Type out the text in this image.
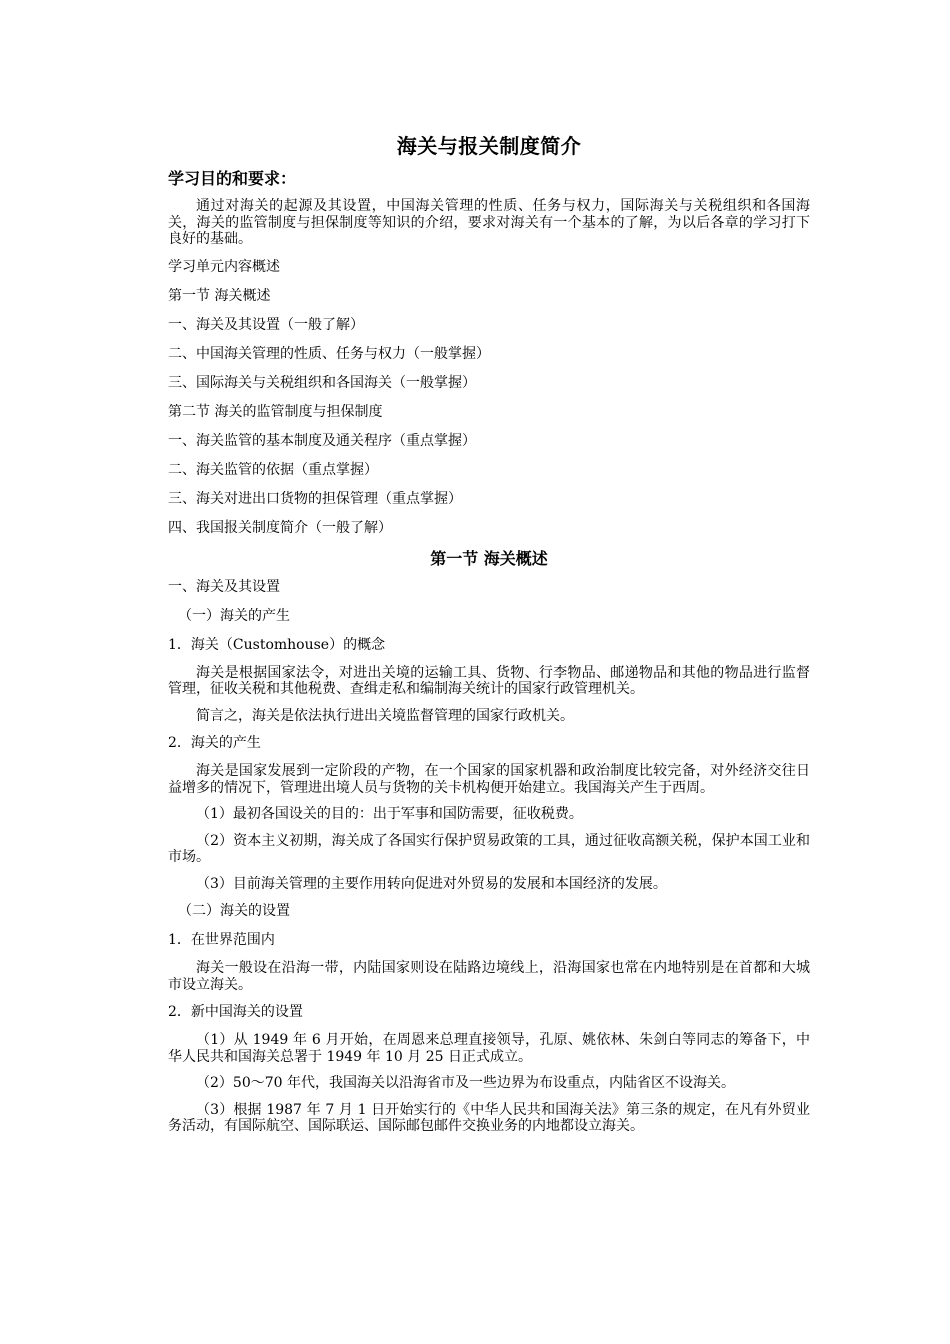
海关与报关制度简介
学习目的和要求：

通过对海关的起源及其设置，中国海关管理的性质、任务与权力，国际海关与关税组织和各国海关，海关的监管制度与担保制度等知识的介绍，要求对海关有一个基本的了解，为以后各章的学习打下良好的基础。

学习单元内容概述
第一节 海关概述
一、海关及其设置（一般了解）
二、中国海关管理的性质、任务与权力（一般掌握）
三、国际海关与关税组织和各国海关（一般掌握）
第二节 海关的监管制度与担保制度
一、海关监管的基本制度及通关程序（重点掌握）
二、海关监管的依据（重点掌握）
三、海关对进出口货物的担保管理（重点掌握）
四、我国报关制度简介（一般了解）
第一节 海关概述
一、海关及其设置
（一）海关的产生
1．海关（Customhouse）的概念

海关是根据国家法令，对进出关境的运输工具、货物、行李物品、邮递物品和其他的物品进行监督管理，征收关税和其他税费、查缉走私和编制海关统计的国家行政管理机关。

简言之，海关是依法执行进出关境监督管理的国家行政机关。

2．海关的产生

海关是国家发展到一定阶段的产物，在一个国家的国家机器和政治制度比较完备，对外经济交往日益增多的情况下，管理进出境人员与货物的关卡机构便开始建立。我国海关产生于西周。

（1）最初各国设关的目的：出于军事和国防需要，征收税费。

（2）资本主义初期，海关成了各国实行保护贸易政策的工具，通过征收高额关税，保护本国工业和市场。

（3）目前海关管理的主要作用转向促进对外贸易的发展和本国经济的发展。

（二）海关的设置
1．在世界范围内

海关一般设在沿海一带，内陆国家则设在陆路边境线上，沿海国家也常在内地特别是在首都和大城市设立海关。

2．新中国海关的设置

（1）从 1949 年 6 月开始，在周恩来总理直接领导，孔原、姚依林、朱剑白等同志的筹备下，中华人民共和国海关总署于 1949 年 10 月 25 日正式成立。

（2）50～70 年代，我国海关以沿海省市及一些边界为布设重点，内陆省区不设海关。

（3）根据 1987 年 7 月 1 日开始实行的《中华人民共和国海关法》第三条的规定，在凡有外贸业务活动，有国际航空、国际联运、国际邮包邮件交换业务的内地都设立海关。
